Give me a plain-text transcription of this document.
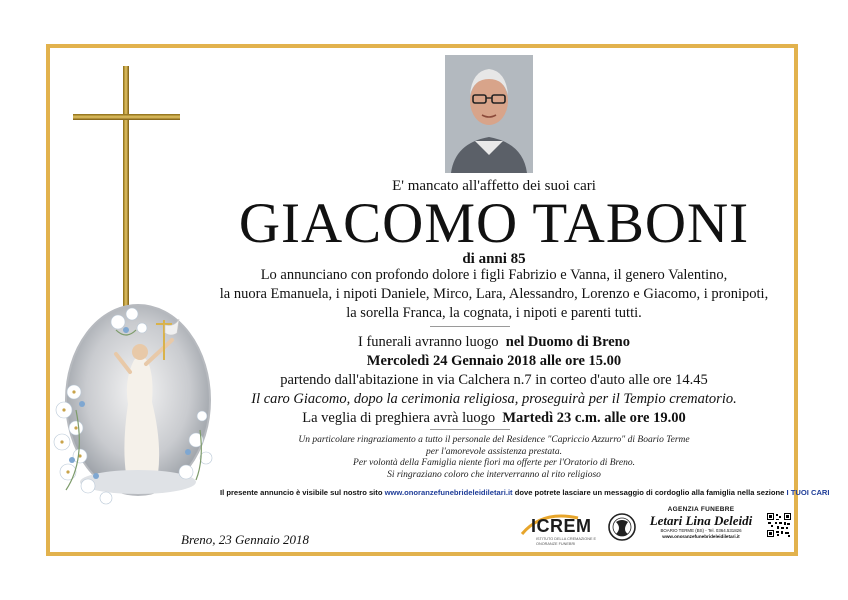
E' mancato all'affetto dei suoi cari
GIACOMO TABONI
di anni 85
Lo annunciano con profondo dolore i figli Fabrizio e Vanna, il genero Valentino,
la nuora Emanuela, i nipoti Daniele, Mirco, Lara, Alessandro, Lorenzo e Giacomo, i pronipoti,
la sorella Franca, la cognata, i nipoti e parenti tutti.
I funerali avranno luogo nel Duomo di Breno
Mercoledì 24 Gennaio 2018 alle ore 15.00
partendo dall'abitazione in via Calchera n.7 in corteo d'auto alle ore 14.45
Il caro Giacomo, dopo la cerimonia religiosa, proseguirà per il Tempio crematorio.
La veglia di preghiera avrà luogo Martedì 23 c.m. alle ore 19.00
Un particolare ringraziamento a tutto il personale del Residence "Capriccio Azzurro" di Boario Terme
per l'amorevole assistenza prestata.
Per volontà della Famiglia niente fiori ma offerte per l'Oratorio di Breno.
Si ringraziano coloro che interverranno al rito religioso
Il presente annuncio è visibile sul nostro sito www.onoranzefunebrideleidiletari.it dove potrete lasciare un messaggio di cordoglio alla famiglia nella sezione I TUOI CARI
Breno, 23 Gennaio 2018
ICREM
ISTITUTO DELLA CREMAZIONE E ONORANZE FUNEBRI
AGENZIA FUNEBRE
Letari Lina Deleidi
BOARIO TERME (BS) - Tel. 0364.531826
www.onoranzefunebrideleidiletari.it
